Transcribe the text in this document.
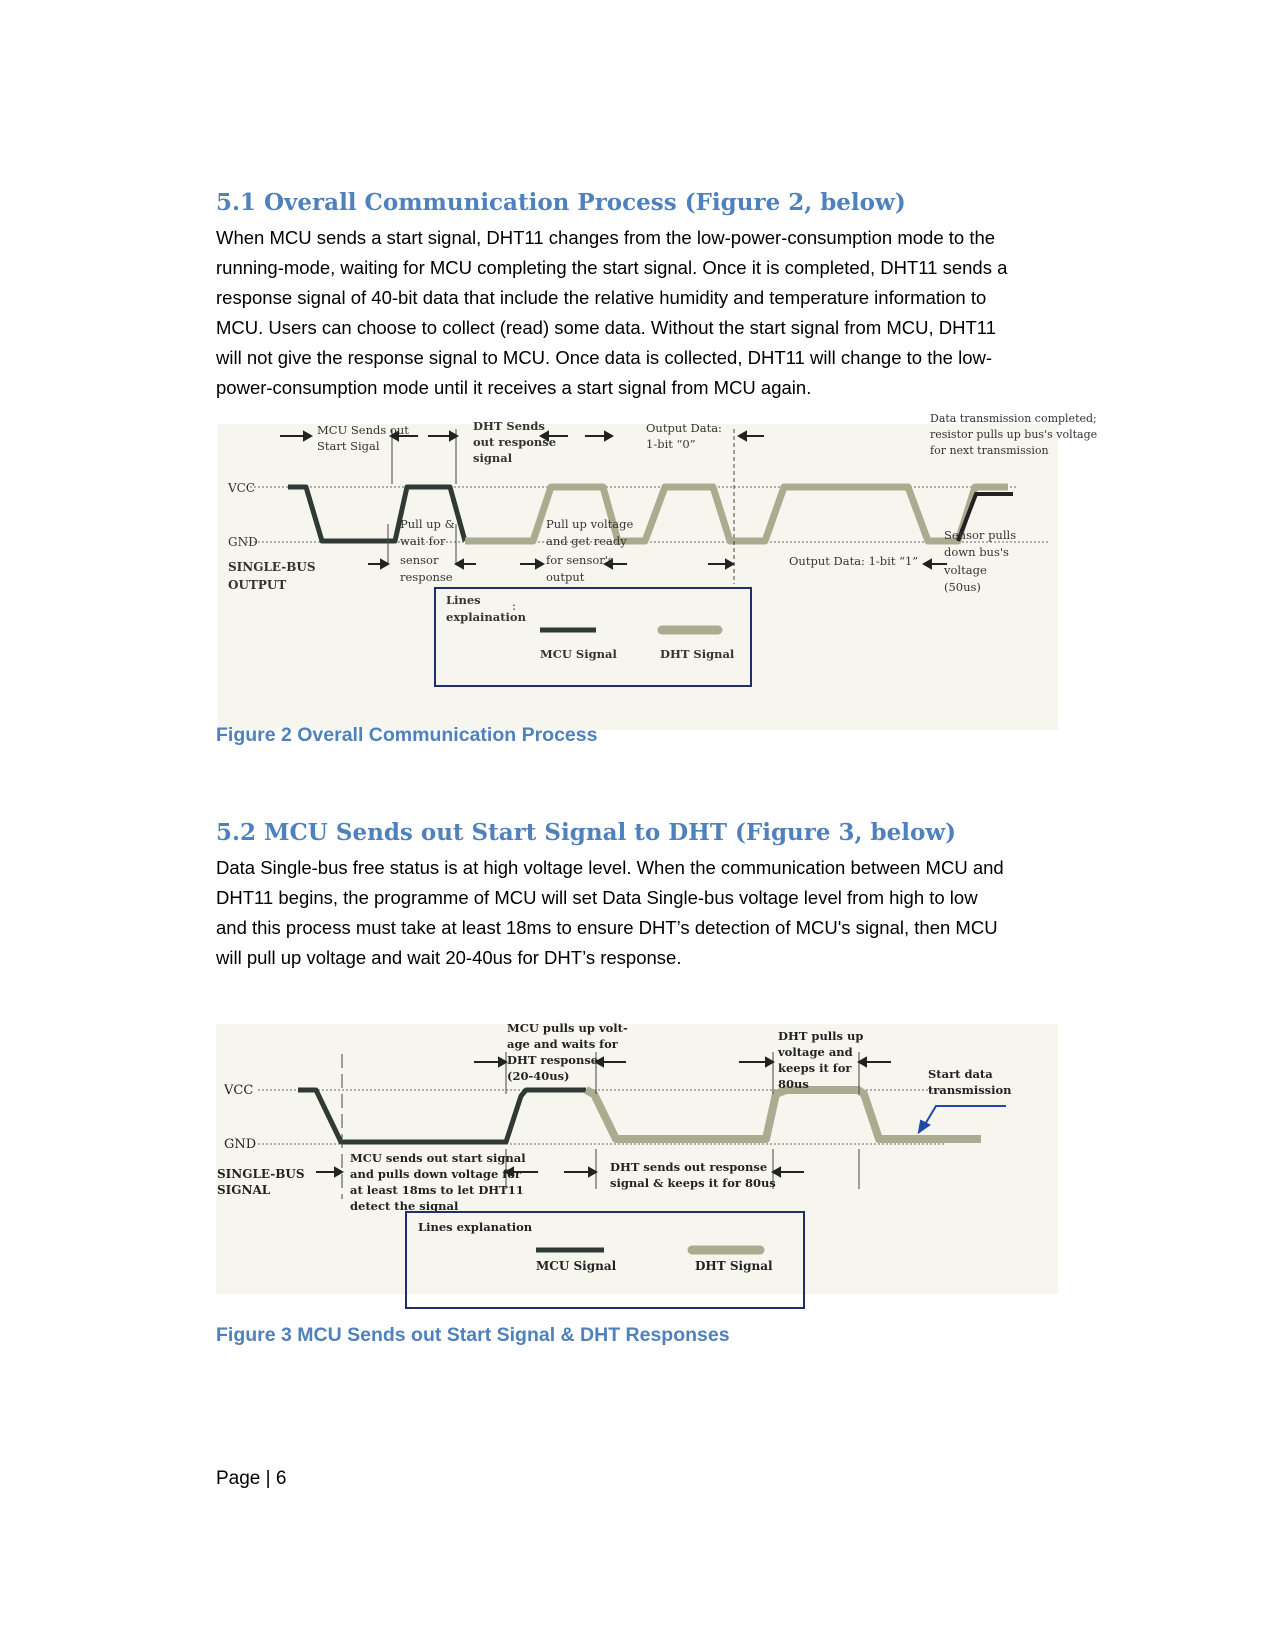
5.1 Overall Communication Process (Figure 2, below)
When MCU sends a start signal, DHT11 changes from the low-power-consumption mode to the
running-mode, waiting for MCU completing the start signal. Once it is completed, DHT11 sends a
response signal of 40-bit data that include the relative humidity and temperature information to
MCU. Users can choose to collect (read) some data. Without the start signal from MCU, DHT11
will not give the response signal to MCU. Once data is collected, DHT11 will change to the low-
power-consumption mode until it receives a start signal from MCU again.
VCC
GND
SINGLE-BUS
OUTPUT
MCU Sends out
Start Sigal
DHT Sends
out response
signal
Output Data:
1-bit “0”
Data transmission completed;
resistor pulls up bus's voltage
for next transmission
Pull up &
wait for
sensor
response
Pull up voltage
and get ready
for sensor's
output
Output Data: 1-bit “1”
Sensor pulls
down bus's
voltage
(50us)
Lines
explaination
:
MCU Signal	DHT Signal
Figure 2 Overall Communication Process
5.2 MCU Sends out Start Signal to DHT (Figure 3, below)
Data Single-bus free status is at high voltage level. When the communication between MCU and
DHT11 begins, the programme of MCU will set Data Single-bus voltage level from high to low
and this process must take at least 18ms to ensure DHT’s detection of MCU's signal, then MCU
will pull up voltage and wait 20-40us for DHT’s response.
VCC
GND
SINGLE-BUS
SIGNAL
MCU pulls up volt-
age and waits for
DHT response
(20-40us)
DHT pulls up
voltage and
keeps it for
80us
Start data
transmission
MCU sends out start signal
and pulls down voltage for
at least 18ms to let DHT11
detect the signal
DHT sends out response
signal & keeps it for 80us
Lines explanation
MCU Signal	DHT Signal
Figure 3 MCU Sends out Start Signal & DHT Responses
Page | 6
